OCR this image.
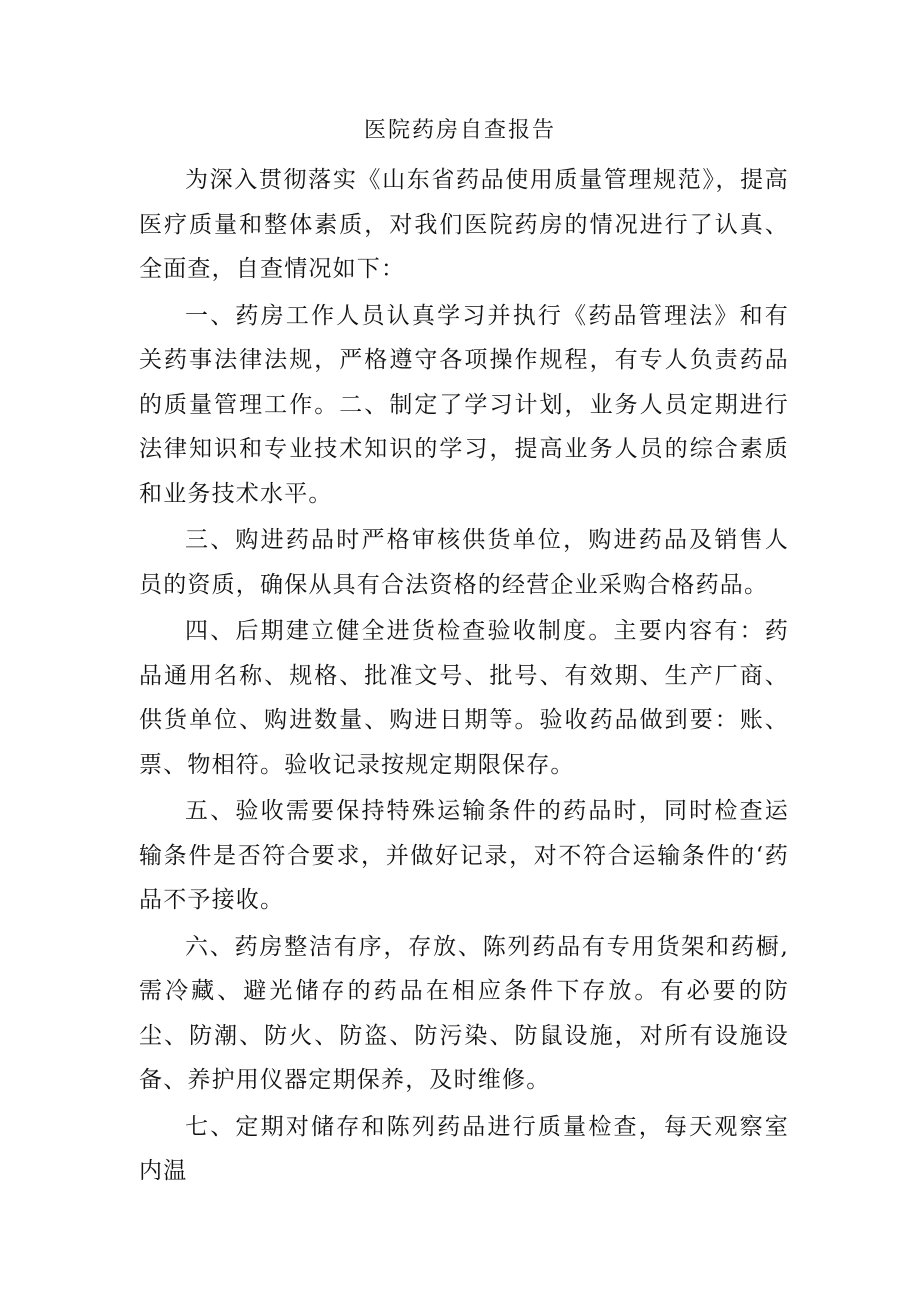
医院药房自查报告

为深入贯彻落实《山东省药品使用质量管理规范》，提高医疗质量和整体素质，对我们医院药房的情况进行了认真、全面查，自查情况如下：

一、药房工作人员认真学习并执行《药品管理法》和有关药事法律法规，严格遵守各项操作规程，有专人负责药品的质量管理工作。二、制定了学习计划，业务人员定期进行法律知识和专业技术知识的学习，提高业务人员的综合素质和业务技术水平。

三、购进药品时严格审核供货单位，购进药品及销售人员的资质，确保从具有合法资格的经营企业采购合格药品。

四、后期建立健全进货检查验收制度。主要内容有：药品通用名称、规格、批准文号、批号、有效期、生产厂商、供货单位、购进数量、购进日期等。验收药品做到要：账、票、物相符。验收记录按规定期限保存。

五、验收需要保持特殊运输条件的药品时，同时检查运输条件是否符合要求，并做好记录，对不符合运输条件的‘药品不予接收。

六、药房整洁有序，存放、陈列药品有专用货架和药橱,需冷藏、避光储存的药品在相应条件下存放。有必要的防尘、防潮、防火、防盗、防污染、防鼠设施，对所有设施设备、养护用仪器定期保养，及时维修。

七、定期对储存和陈列药品进行质量检查，每天观察室内温
